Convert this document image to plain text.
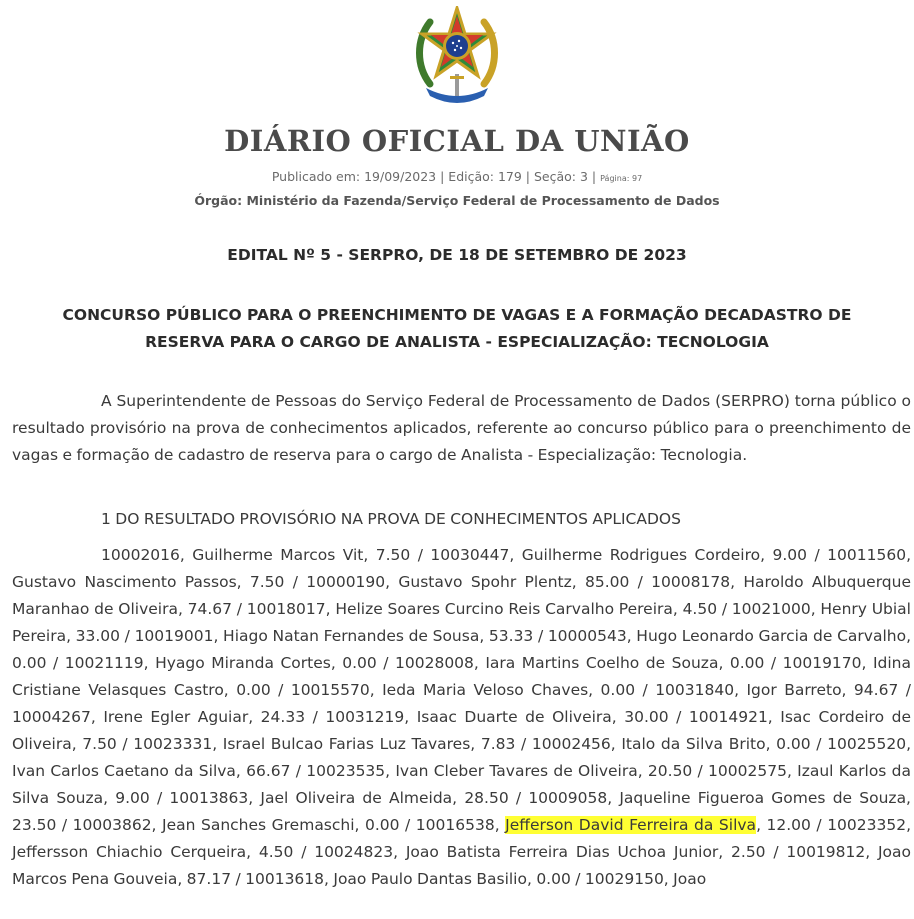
DIÁRIO OFICIAL DA UNIÃO
Publicado em: 19/09/2023 | Edição: 179 | Seção: 3 | Página: 97
Órgão: Ministério da Fazenda/Serviço Federal de Processamento de Dados
EDITAL Nº 5 - SERPRO, DE 18 DE SETEMBRO DE 2023
CONCURSO PÚBLICO PARA O PREENCHIMENTO DE VAGAS E A FORMAÇÃO DECADASTRO DE RESERVA PARA O CARGO DE ANALISTA - ESPECIALIZAÇÃO: TECNOLOGIA
A Superintendente de Pessoas do Serviço Federal de Processamento de Dados (SERPRO) torna público o resultado provisório na prova de conhecimentos aplicados, referente ao concurso público para o preenchimento de vagas e formação de cadastro de reserva para o cargo de Analista - Especialização: Tecnologia.
1 DO RESULTADO PROVISÓRIO NA PROVA DE CONHECIMENTOS APLICADOS
10002016, Guilherme Marcos Vit, 7.50 / 10030447, Guilherme Rodrigues Cordeiro, 9.00 / 10011560, Gustavo Nascimento Passos, 7.50 / 10000190, Gustavo Spohr Plentz, 85.00 / 10008178, Haroldo Albuquerque Maranhao de Oliveira, 74.67 / 10018017, Helize Soares Curcino Reis Carvalho Pereira, 4.50 / 10021000, Henry Ubial Pereira, 33.00 / 10019001, Hiago Natan Fernandes de Sousa, 53.33 / 10000543, Hugo Leonardo Garcia de Carvalho, 0.00 / 10021119, Hyago Miranda Cortes, 0.00 / 10028008, Iara Martins Coelho de Souza, 0.00 / 10019170, Idina Cristiane Velasques Castro, 0.00 / 10015570, Ieda Maria Veloso Chaves, 0.00 / 10031840, Igor Barreto, 94.67 / 10004267, Irene Egler Aguiar, 24.33 / 10031219, Isaac Duarte de Oliveira, 30.00 / 10014921, Isac Cordeiro de Oliveira, 7.50 / 10023331, Israel Bulcao Farias Luz Tavares, 7.83 / 10002456, Italo da Silva Brito, 0.00 / 10025520, Ivan Carlos Caetano da Silva, 66.67 / 10023535, Ivan Cleber Tavares de Oliveira, 20.50 / 10002575, Izaul Karlos da Silva Souza, 9.00 / 10013863, Jael Oliveira de Almeida, 28.50 / 10009058, Jaqueline Figueroa Gomes de Souza, 23.50 / 10003862, Jean Sanches Gremaschi, 0.00 / 10016538, Jefferson David Ferreira da Silva, 12.00 / 10023352, Jeffersson Chiachio Cerqueira, 4.50 / 10024823, Joao Batista Ferreira Dias Uchoa Junior, 2.50 / 10019812, Joao Marcos Pena Gouveia, 87.17 / 10013618, Joao Paulo Dantas Basilio, 0.00 / 10029150, Joao
